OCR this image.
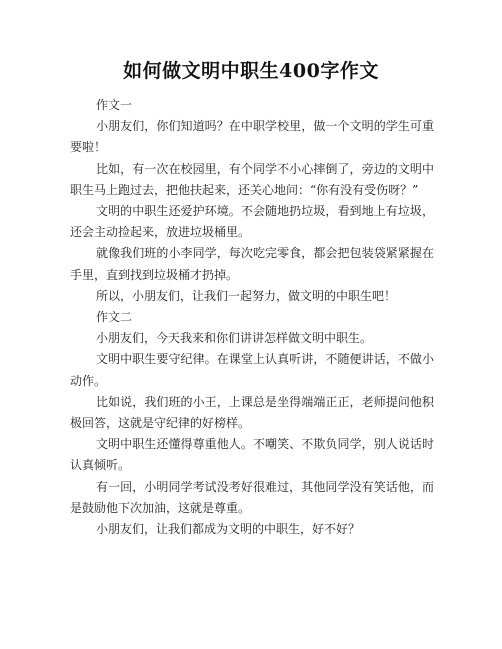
如何做文明中职生400字作文

作文一

小朋友们，你们知道吗？在中职学校里，做一个文明的学生可重要啦！

比如，有一次在校园里，有个同学不小心摔倒了，旁边的文明中职生马上跑过去，把他扶起来，还关心地问：“你有没有受伤呀？”

文明的中职生还爱护环境。不会随地扔垃圾，看到地上有垃圾，还会主动捡起来，放进垃圾桶里。

就像我们班的小李同学，每次吃完零食，都会把包装袋紧紧握在手里，直到找到垃圾桶才扔掉。

所以，小朋友们，让我们一起努力，做文明的中职生吧！

作文二

小朋友们，今天我来和你们讲讲怎样做文明中职生。

文明中职生要守纪律。在课堂上认真听讲，不随便讲话，不做小动作。

比如说，我们班的小王，上课总是坐得端端正正，老师提问他积极回答，这就是守纪律的好榜样。

文明中职生还懂得尊重他人。不嘲笑、不欺负同学，别人说话时认真倾听。

有一回，小明同学考试没考好很难过，其他同学没有笑话他，而是鼓励他下次加油，这就是尊重。

小朋友们，让我们都成为文明的中职生，好不好？
